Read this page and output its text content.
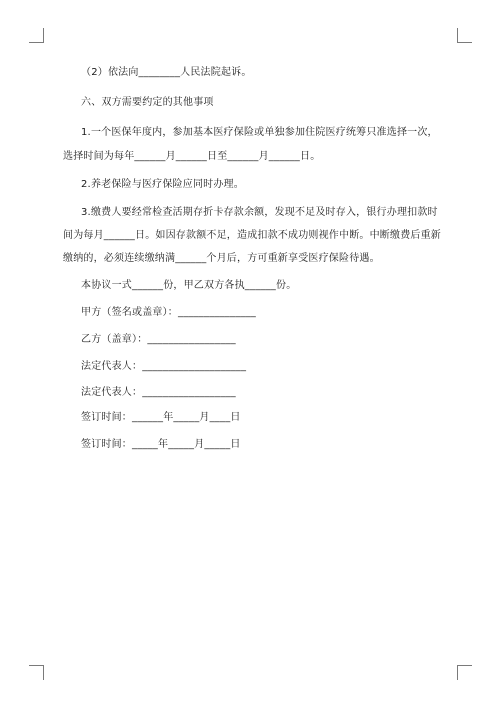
（2）依法向________人民法院起诉。
六、双方需要约定的其他事项
1.一个医保年度内，参加基本医疗保险或单独参加住院医疗统筹只准选择一次，
选择时间为每年______月______日至______月______日。
2.养老保险与医疗保险应同时办理。
3.缴费人要经常检查活期存折卡存款余额，发现不足及时存入，银行办理扣款时
间为每月______日。如因存款额不足，造成扣款不成功则视作中断。中断缴费后重新
缴纳的，必须连续缴纳满______个月后，方可重新享受医疗保险待遇。
本协议一式______份，甲乙双方各执______份。
甲方（签名或盖章）：_______________
乙方（盖章）：_________________
法定代表人：____________________
法定代表人：__________________
签订时间：______年_____月____日
签订时间：_____年_____月_____日
